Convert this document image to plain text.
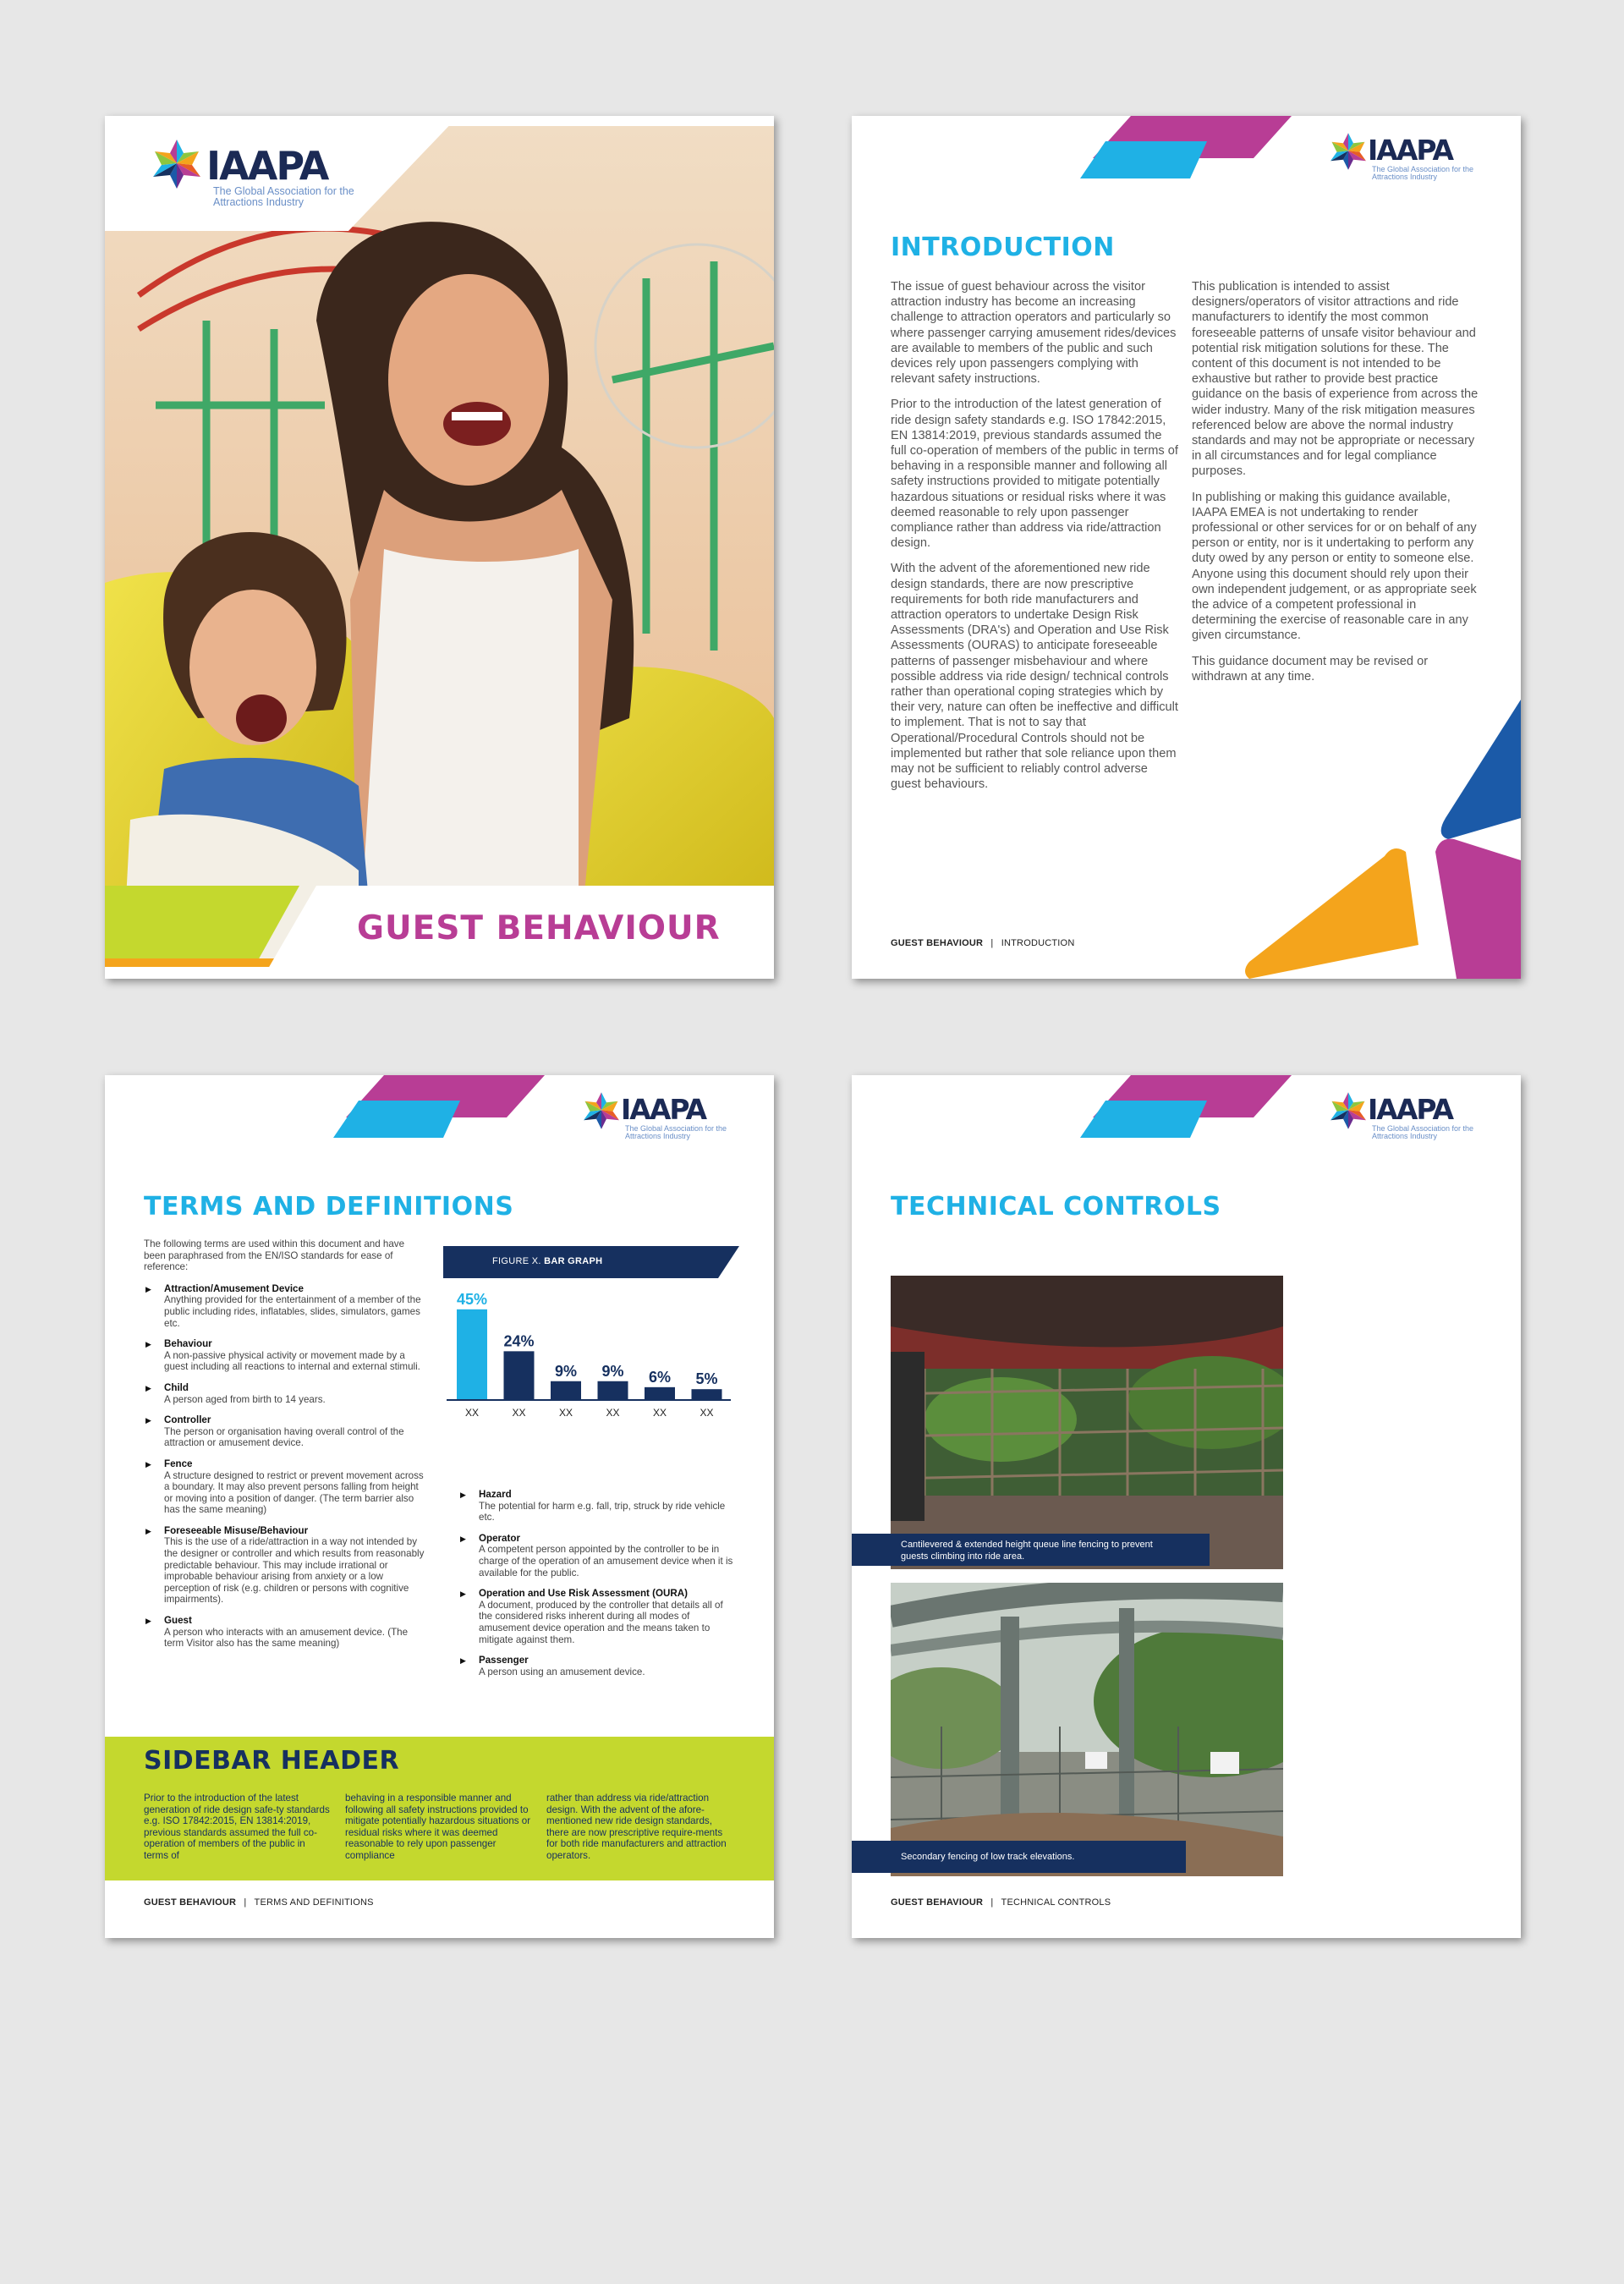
IAAPA
The Global Association for the Attractions Industry
GUEST BEHAVIOUR
IAAPA
The Global Association for the Attractions Industry
INTRODUCTION

The issue of guest behaviour across the visitor attraction industry has become an increasing challenge to attraction operators and particularly so where passenger carrying amusement rides/devices are available to members of the public and such devices rely upon passengers complying with relevant safety instructions.

Prior to the introduction of the latest generation of ride design safety standards e.g. ISO 17842:2015, EN 13814:2019, previous standards assumed the full co-operation of members of the public in terms of behaving in a responsible manner and following all safety instructions provided to mitigate potentially hazardous situations or residual risks where it was deemed reasonable to rely upon passenger compliance rather than address via ride/attraction design.

With the advent of the aforementioned new ride design standards, there are now prescriptive requirements for both ride manufacturers and attraction operators to undertake Design Risk Assessments (DRA's) and Operation and Use Risk Assessments (OURAS) to anticipate foreseeable patterns of passenger misbehaviour and where possible address via ride design/ technical controls rather than operational coping strategies which by their very, nature can often be ineffective and difficult to implement. That is not to say that Operational/Procedural Controls should not be implemented but rather that sole reliance upon them may not be sufficient to reliably control adverse guest behaviours.

This publication is intended to assist designers/operators of visitor attractions and ride manufacturers to identify the most common foreseeable patterns of unsafe visitor behaviour and potential risk mitigation solutions for these. The content of this document is not intended to be exhaustive but rather to provide best practice guidance on the basis of experience from across the wider industry. Many of the risk mitigation measures referenced below are above the normal industry standards and may not be appropriate or necessary in all circumstances and for legal compliance purposes.

In publishing or making this guidance available, IAAPA EMEA is not undertaking to render professional or other services for or on behalf of any person or entity, nor is it undertaking to perform any duty owed by any person or entity to someone else. Anyone using this document should rely upon their own independent judgement, or as appropriate seek the advice of a competent professional in determining the exercise of reasonable care in any given circumstance.

This guidance document may be revised or withdrawn at any time.

GUEST BEHAVIOUR | INTRODUCTION
IAAPA
The Global Association for the Attractions Industry
TERMS AND DEFINITIONS

The following terms are used within this document and have been paraphrased from the EN/ISO standards for ease of reference:

▶ Attraction/Amusement Device
Anything provided for the entertainment of a member of the public including rides, inflatables, slides, simulators, games etc.
▶ Behaviour
A non-passive physical activity or movement made by a guest including all reactions to internal and external stimuli.
▶ Child
A person aged from birth to 14 years.
▶ Controller
The person or organisation having overall control of the attraction or amusement device.
▶ Fence
A structure designed to restrict or prevent movement across a boundary. It may also prevent persons falling from height or moving into a position of danger. (The term barrier also has the same meaning)
▶ Foreseeable Misuse/Behaviour
This is the use of a ride/attraction in a way not intended by the designer or controller and which results from reasonably predictable behaviour. This may include irrational or improbable behaviour arising from anxiety or a low perception of risk (e.g. children or persons with cognitive impairments).
▶ Guest
A person who interacts with an amusement device. (The term Visitor also has the same meaning)
FIGURE X. BAR GRAPH
45%
XX
24%
XX
9%
XX
9%
XX
6%
XX
5%
XX
▶ Hazard
The potential for harm e.g. fall, trip, struck by ride vehicle etc.
▶ Operator
A competent person appointed by the controller to be in charge of the operation of an amusement device when it is available for the public.
▶ Operation and Use Risk Assessment (OURA)
A document, produced by the controller that details all of the considered risks inherent during all modes of amusement device operation and the means taken to mitigate against them.
▶ Passenger
A person using an amusement device.
SIDEBAR HEADER
Prior to the introduction of the latest generation of ride design safe-ty standards e.g. ISO 17842:2015, EN 13814:2019, previous standards assumed the full co-operation of members of the public in terms of
behaving in a responsible manner and following all safety instructions provided to mitigate potentially hazardous situations or residual risks where it was deemed reasonable to rely upon passenger compliance
rather than address via ride/attraction design. With the advent of the afore-mentioned new ride design standards, there are now prescriptive require-ments for both ride manufacturers and attraction operators.
GUEST BEHAVIOUR | TERMS AND DEFINITIONS
IAAPA
The Global Association for the Attractions Industry
TECHNICAL CONTROLS
Cantilevered & extended height queue line fencing to prevent guests climbing into ride area.
Secondary fencing of low track elevations.
GUEST BEHAVIOUR | TECHNICAL CONTROLS
